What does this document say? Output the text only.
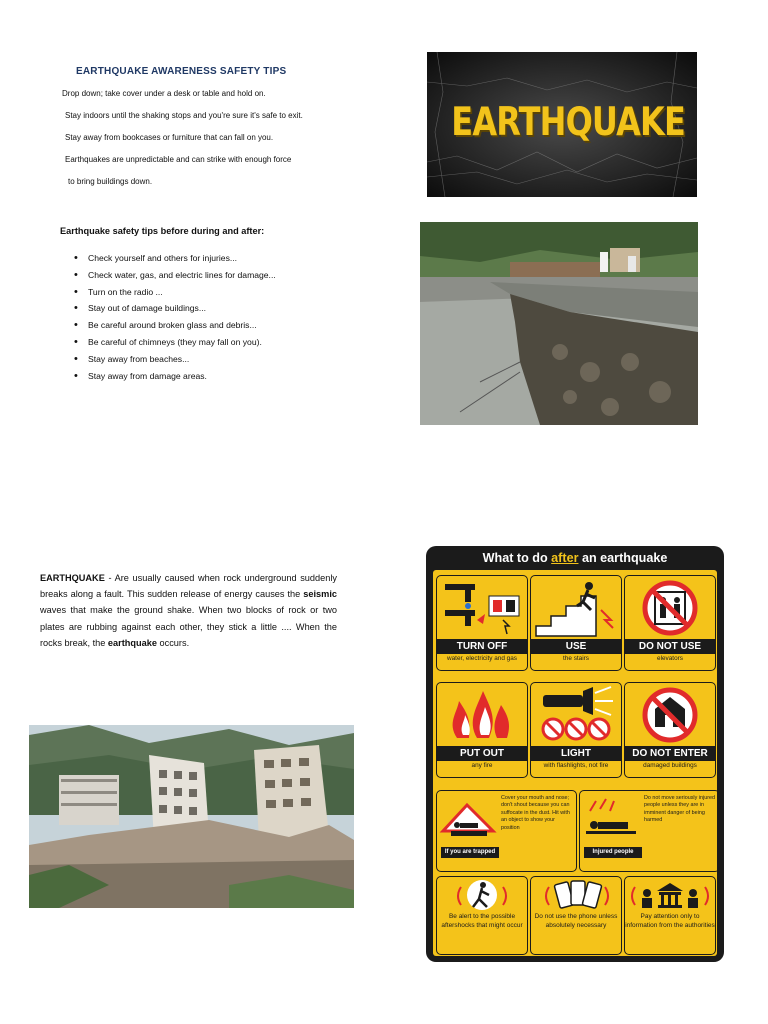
EARTHQUAKE AWARENESS SAFETY TIPS
Drop down; take cover under a desk or table and hold on.
Stay indoors until the shaking stops and you're sure it's safe to exit.
Stay away from bookcases or furniture that can fall on you.
Earthquakes are unpredictable and can strike with enough force
to bring buildings down.
Earthquake safety tips before during and after:
• Check yourself and others for injuries...
• Check water, gas, and electric lines for damage...
• Turn on the radio ...
• Stay out of damage buildings...
• Be careful around broken glass and debris...
• Be careful of chimneys (they may fall on you).
• Stay away from beaches...
• Stay away from damage areas.

EARTHQUAKE - Are usually caused when rock underground suddenly breaks along a fault. This sudden release of energy causes the seismic waves that make the ground shake. When two blocks of rock or two plates are rubbing against each other, they stick a little .... When the rocks break, the earthquake occurs.

EARTHQUAKE
What to do after an earthquake
TURN OFF
water, electricity and gas
USE
the stairs
DO NOT USE
elevators
PUT OUT
any fire
LIGHT
with flashlights, not fire
DO NOT ENTER
damaged buildings
If you are trapped
Cover your mouth and nose; don't shout because you can suffocate in the dust. Hit with an object to show your position
Injured people
Do not move seriously injured people unless they are in imminent danger of being harmed
Be alert to the possible aftershocks that might occur
Do not use the phone unless absolutely necessary
Pay attention only to information from the authorities
